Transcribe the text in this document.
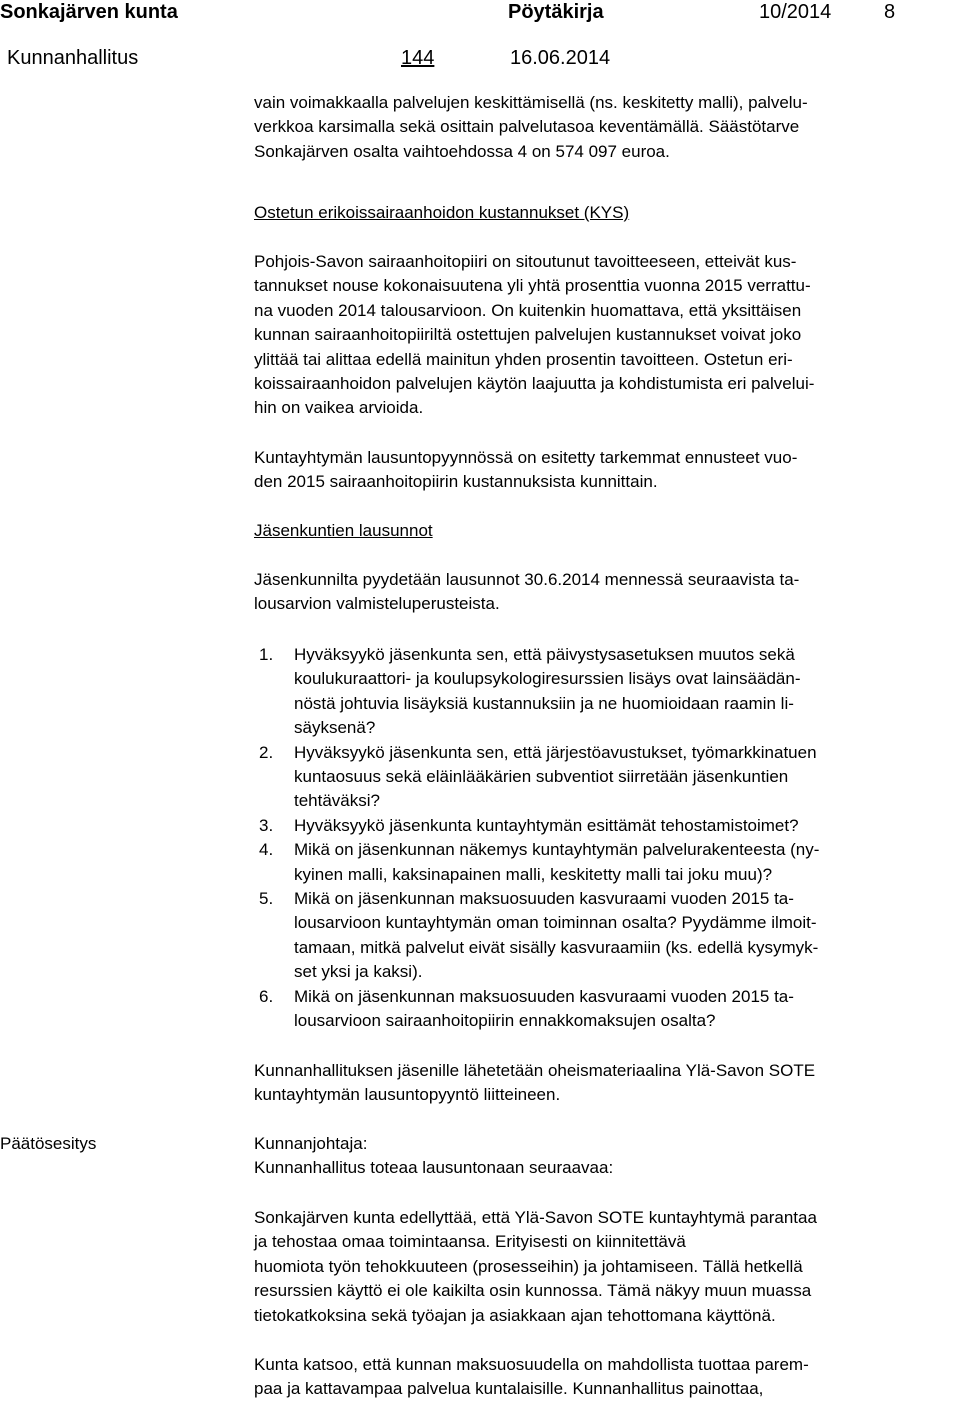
Sonkajärven kunta	Pöytäkirja	10/2014	8
Kunnanhallitus	144	16.06.2014
vain voimakkaalla palvelujen keskittämisellä (ns. keskitetty malli), palvelu-
verkkoa karsimalla sekä osittain palvelutasoa keventämällä. Säästötarve
Sonkajärven osalta vaihtoehdossa 4 on 574 097 euroa.
Ostetun erikoissairaanhoidon kustannukset (KYS)
Pohjois-Savon sairaanhoitopiiri on sitoutunut tavoitteeseen, etteivät kus-
tannukset nouse kokonaisuutena yli yhtä prosenttia vuonna 2015 verrattu-
na vuoden 2014 talousarvioon. On kuitenkin huomattava, että yksittäisen
kunnan sairaanhoitopiiriltä ostettujen palvelujen kustannukset voivat joko
ylittää tai alittaa edellä mainitun yhden prosentin tavoitteen. Ostetun eri-
koissairaanhoidon palvelujen käytön laajuutta ja kohdistumista eri palvelui-
hin on vaikea arvioida.
Kuntayhtymän lausuntopyynnössä on esitetty tarkemmat ennusteet vuo-
den 2015 sairaanhoitopiirin kustannuksista kunnittain.
Jäsenkuntien lausunnot
Jäsenkunnilta pyydetään lausunnot 30.6.2014 mennessä seuraavista ta-
lousarvion valmisteluperusteista.
1. Hyväksyykö jäsenkunta sen, että päivystysasetuksen muutos sekä
koulukuraattori- ja koulupsykologiresurssien lisäys ovat lainsäädän-
nöstä johtuvia lisäyksiä kustannuksiin ja ne huomioidaan raamin li-
säyksenä?
2. Hyväksyykö jäsenkunta sen, että järjestöavustukset, työmarkkinatuen
kuntaosuus sekä eläinlääkärien subventiot siirretään jäsenkuntien
tehtäväksi?
3. Hyväksyykö jäsenkunta kuntayhtymän esittämät tehostamistoimet?
4. Mikä on jäsenkunnan näkemys kuntayhtymän palvelurakenteesta (ny-
kyinen malli, kaksinapainen malli, keskitetty malli tai joku muu)?
5. Mikä on jäsenkunnan maksuosuuden kasvuraami vuoden 2015 ta-
lousarvioon kuntayhtymän oman toiminnan osalta? Pyydämme ilmoit-
tamaan, mitkä palvelut eivät sisälly kasvuraamiin (ks. edellä kysymyk-
set yksi ja kaksi).
6. Mikä on jäsenkunnan maksuosuuden kasvuraami vuoden 2015 ta-
lousarvioon sairaanhoitopiirin ennakkomaksujen osalta?
Kunnanhallituksen jäsenille lähetetään oheismateriaalina Ylä-Savon SOTE
kuntayhtymän lausuntopyyntö liitteineen.
Päätösesitys	Kunnanjohtaja:
Kunnanhallitus toteaa lausuntonaan seuraavaa:
Sonkajärven kunta edellyttää, että Ylä-Savon SOTE kuntayhtymä parantaa
ja tehostaa omaa toimintaansa. Erityisesti on kiinnitettävä
huomiota työn tehokkuuteen (prosesseihin) ja johtamiseen. Tällä hetkellä
resurssien käyttö ei ole kaikilta osin kunnossa. Tämä näkyy muun muassa
tietokatkoksina sekä työajan ja asiakkaan ajan tehottomana käyttönä.
Kunta katsoo, että kunnan maksuosuudella on mahdollista tuottaa parem-
paa ja kattavampaa palvelua kuntalaisille. Kunnanhallitus painottaa,
